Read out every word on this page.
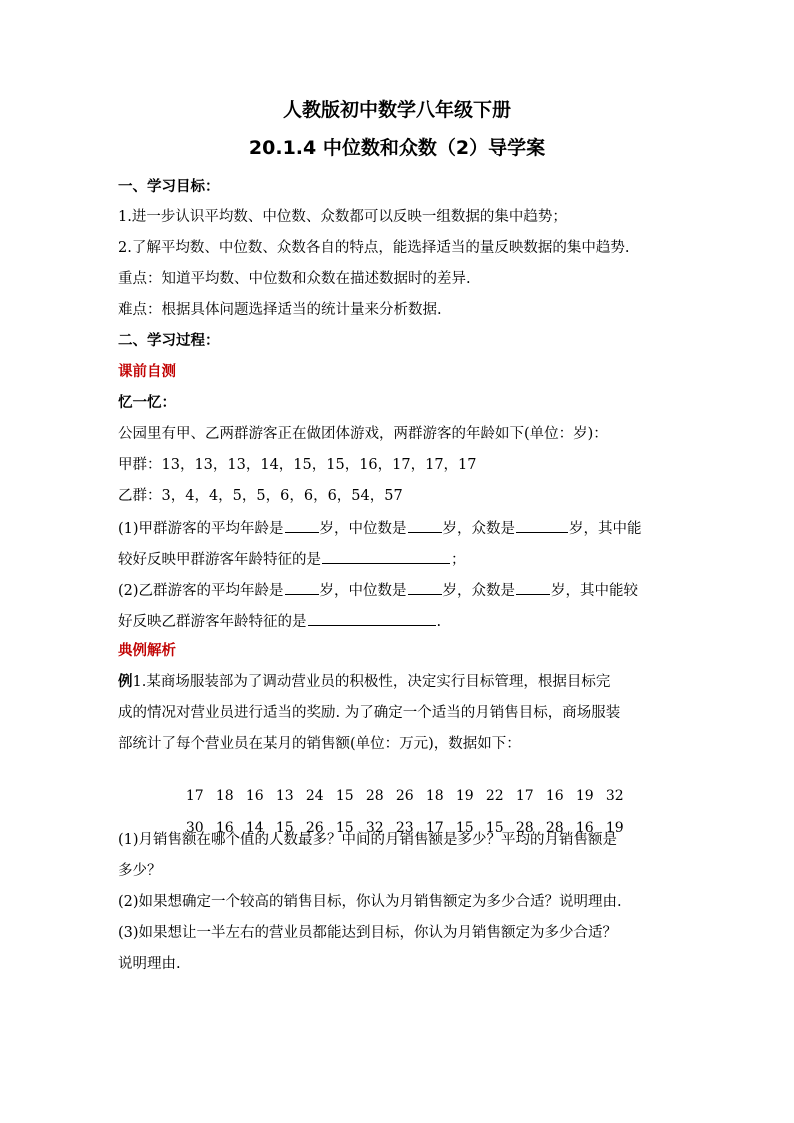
人教版初中数学八年级下册
20.1.4 中位数和众数（2）导学案
一、学习目标：
1.进一步认识平均数、中位数、众数都可以反映一组数据的集中趋势；
2.了解平均数、中位数、众数各自的特点，能选择适当的量反映数据的集中趋势.
重点：知道平均数、中位数和众数在描述数据时的差异.
难点：根据具体问题选择适当的统计量来分析数据.
二、学习过程：
课前自测
忆一忆：
公园里有甲、乙两群游客正在做团体游戏，两群游客的年龄如下(单位：岁)：
甲群：13，13，13，14，15，15，16，17，17，17
乙群：3，4，4，5，5，6，6，6，54，57
(1)甲群游客的平均年龄是 岁，中位数是 岁，众数是	岁，其中能
较好反映甲群游客年龄特征的是	；
(2)乙群游客的平均年龄是 岁，中位数是 岁，众数是 岁，其中能较
好反映乙群游客年龄特征的是	.
典例解析
例1.某商场服装部为了调动营业员的积极性，决定实行目标管理，根据目标完
成的情况对营业员进行适当的奖励. 为了确定一个适当的月销售目标，商场服装
部统计了每个营业员在某月的销售额(单位：万元)，数据如下：

17 18 16 13 24 15 28 26 18 19 22 17 16 19 32

30 16 14 15 26 15 32 23 17 15 15 28 28 16 19

(1)月销售额在哪个值的人数最多？中间的月销售额是多少？平均的月销售额是
多少？
(2)如果想确定一个较高的销售目标，你认为月销售额定为多少合适？说明理由.
(3)如果想让一半左右的营业员都能达到目标，你认为月销售额定为多少合适？
说明理由.
